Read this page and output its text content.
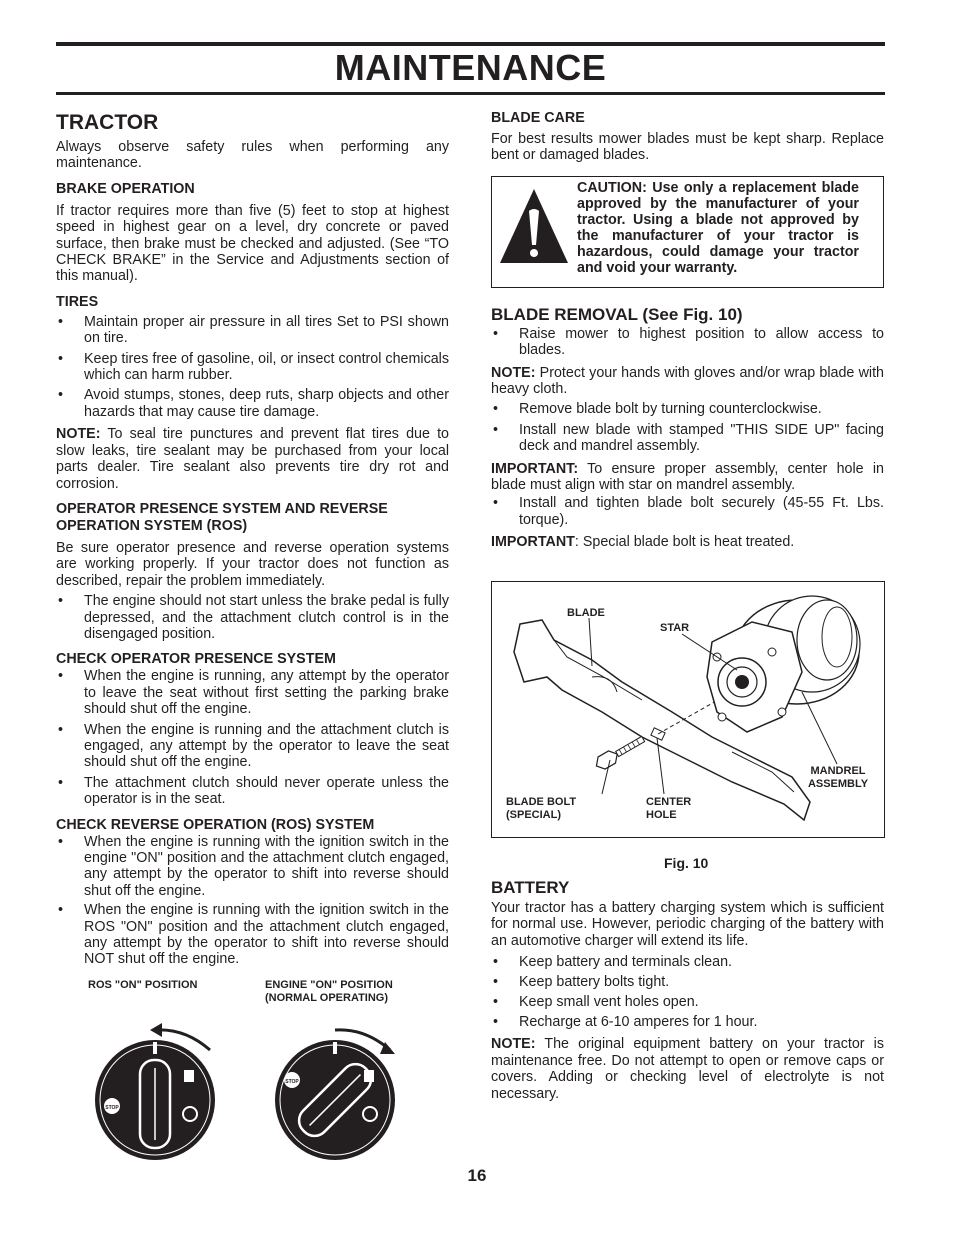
MAINTENANCE
TRACTOR

Always observe safety rules when performing any maintenance.

BRAKE OPERATION

If tractor requires more than five (5) feet to stop at highest speed in highest gear on a level, dry concrete or paved surface, then brake must be checked and adjusted. (See “TO CHECK BRAKE” in the Service and Adjustments section of this manual).

TIRES
• Maintain proper air pressure in all tires Set to PSI shown on tire.
• Keep tires free of gasoline, oil, or insect control chemicals which can harm rubber.
• Avoid stumps, stones, deep ruts, sharp objects and other hazards that may cause tire damage.

NOTE: To seal tire punctures and prevent flat tires due to slow leaks, tire sealant may be purchased from your local parts dealer. Tire sealant also prevents tire dry rot and corrosion.

OPERATOR PRESENCE SYSTEM AND REVERSE OPERATION SYSTEM (ROS)

Be sure operator presence and reverse operation systems are working properly. If your tractor does not function as described, repair the problem immediately.

• The engine should not start unless the brake pedal is fully depressed, and the attachment clutch control is in the disengaged position.
CHECK OPERATOR PRESENCE SYSTEM
• When the engine is running, any attempt by the operator to leave the seat without first setting the parking brake should shut off the engine.
• When the engine is running and the attachment clutch is engaged, any attempt by the operator to leave the seat should shut off the engine.
• The attachment clutch should never operate unless the operator is in the seat.
CHECK REVERSE OPERATION (ROS) SYSTEM
• When the engine is running with the ignition switch in the engine "ON" position and the attachment clutch engaged, any attempt by the operator to shift into reverse should shut off the engine.
• When the engine is running with the ignition switch in the ROS "ON" position and the attachment clutch engaged, any attempt by the operator to shift into reverse should NOT shut off the engine.
ROS "ON" POSITION	ENGINE "ON" POSITION (NORMAL OPERATING)
STOP
STOP
BLADE CARE

For best results mower blades must be kept sharp. Replace bent or damaged blades.

CAUTION: Use only a replacement blade approved by the manufacturer of your tractor. Using a blade not approved by the manufacturer of your tractor is hazardous, could damage your tractor and void your warranty.
BLADE REMOVAL (See Fig. 10)
• Raise mower to highest position to allow access to blades.

NOTE: Protect your hands with gloves and/or wrap blade with heavy cloth.

• Remove blade bolt by turning counterclockwise.
• Install new blade with stamped "THIS SIDE UP" facing deck and mandrel assembly.

IMPORTANT: To ensure proper assembly, center hole in blade must align with star on mandrel assembly.

• Install and tighten blade bolt securely (45-55 Ft. Lbs. torque).

IMPORTANT: Special blade bolt is heat treated.

BLADE
STAR
MANDREL ASSEMBLY
BLADE BOLT (SPECIAL)
CENTER HOLE
Fig. 10
BATTERY

Your tractor has a battery charging system which is sufficient for normal use. However, periodic charging of the battery with an automotive charger will extend its life.

• Keep battery and terminals clean.
• Keep battery bolts tight.
• Keep small vent holes open.
• Recharge at 6-10 amperes for 1 hour.

NOTE: The original equipment battery on your tractor is maintenance free. Do not attempt to open or remove caps or covers. Adding or checking level of electrolyte is not necessary.

16
